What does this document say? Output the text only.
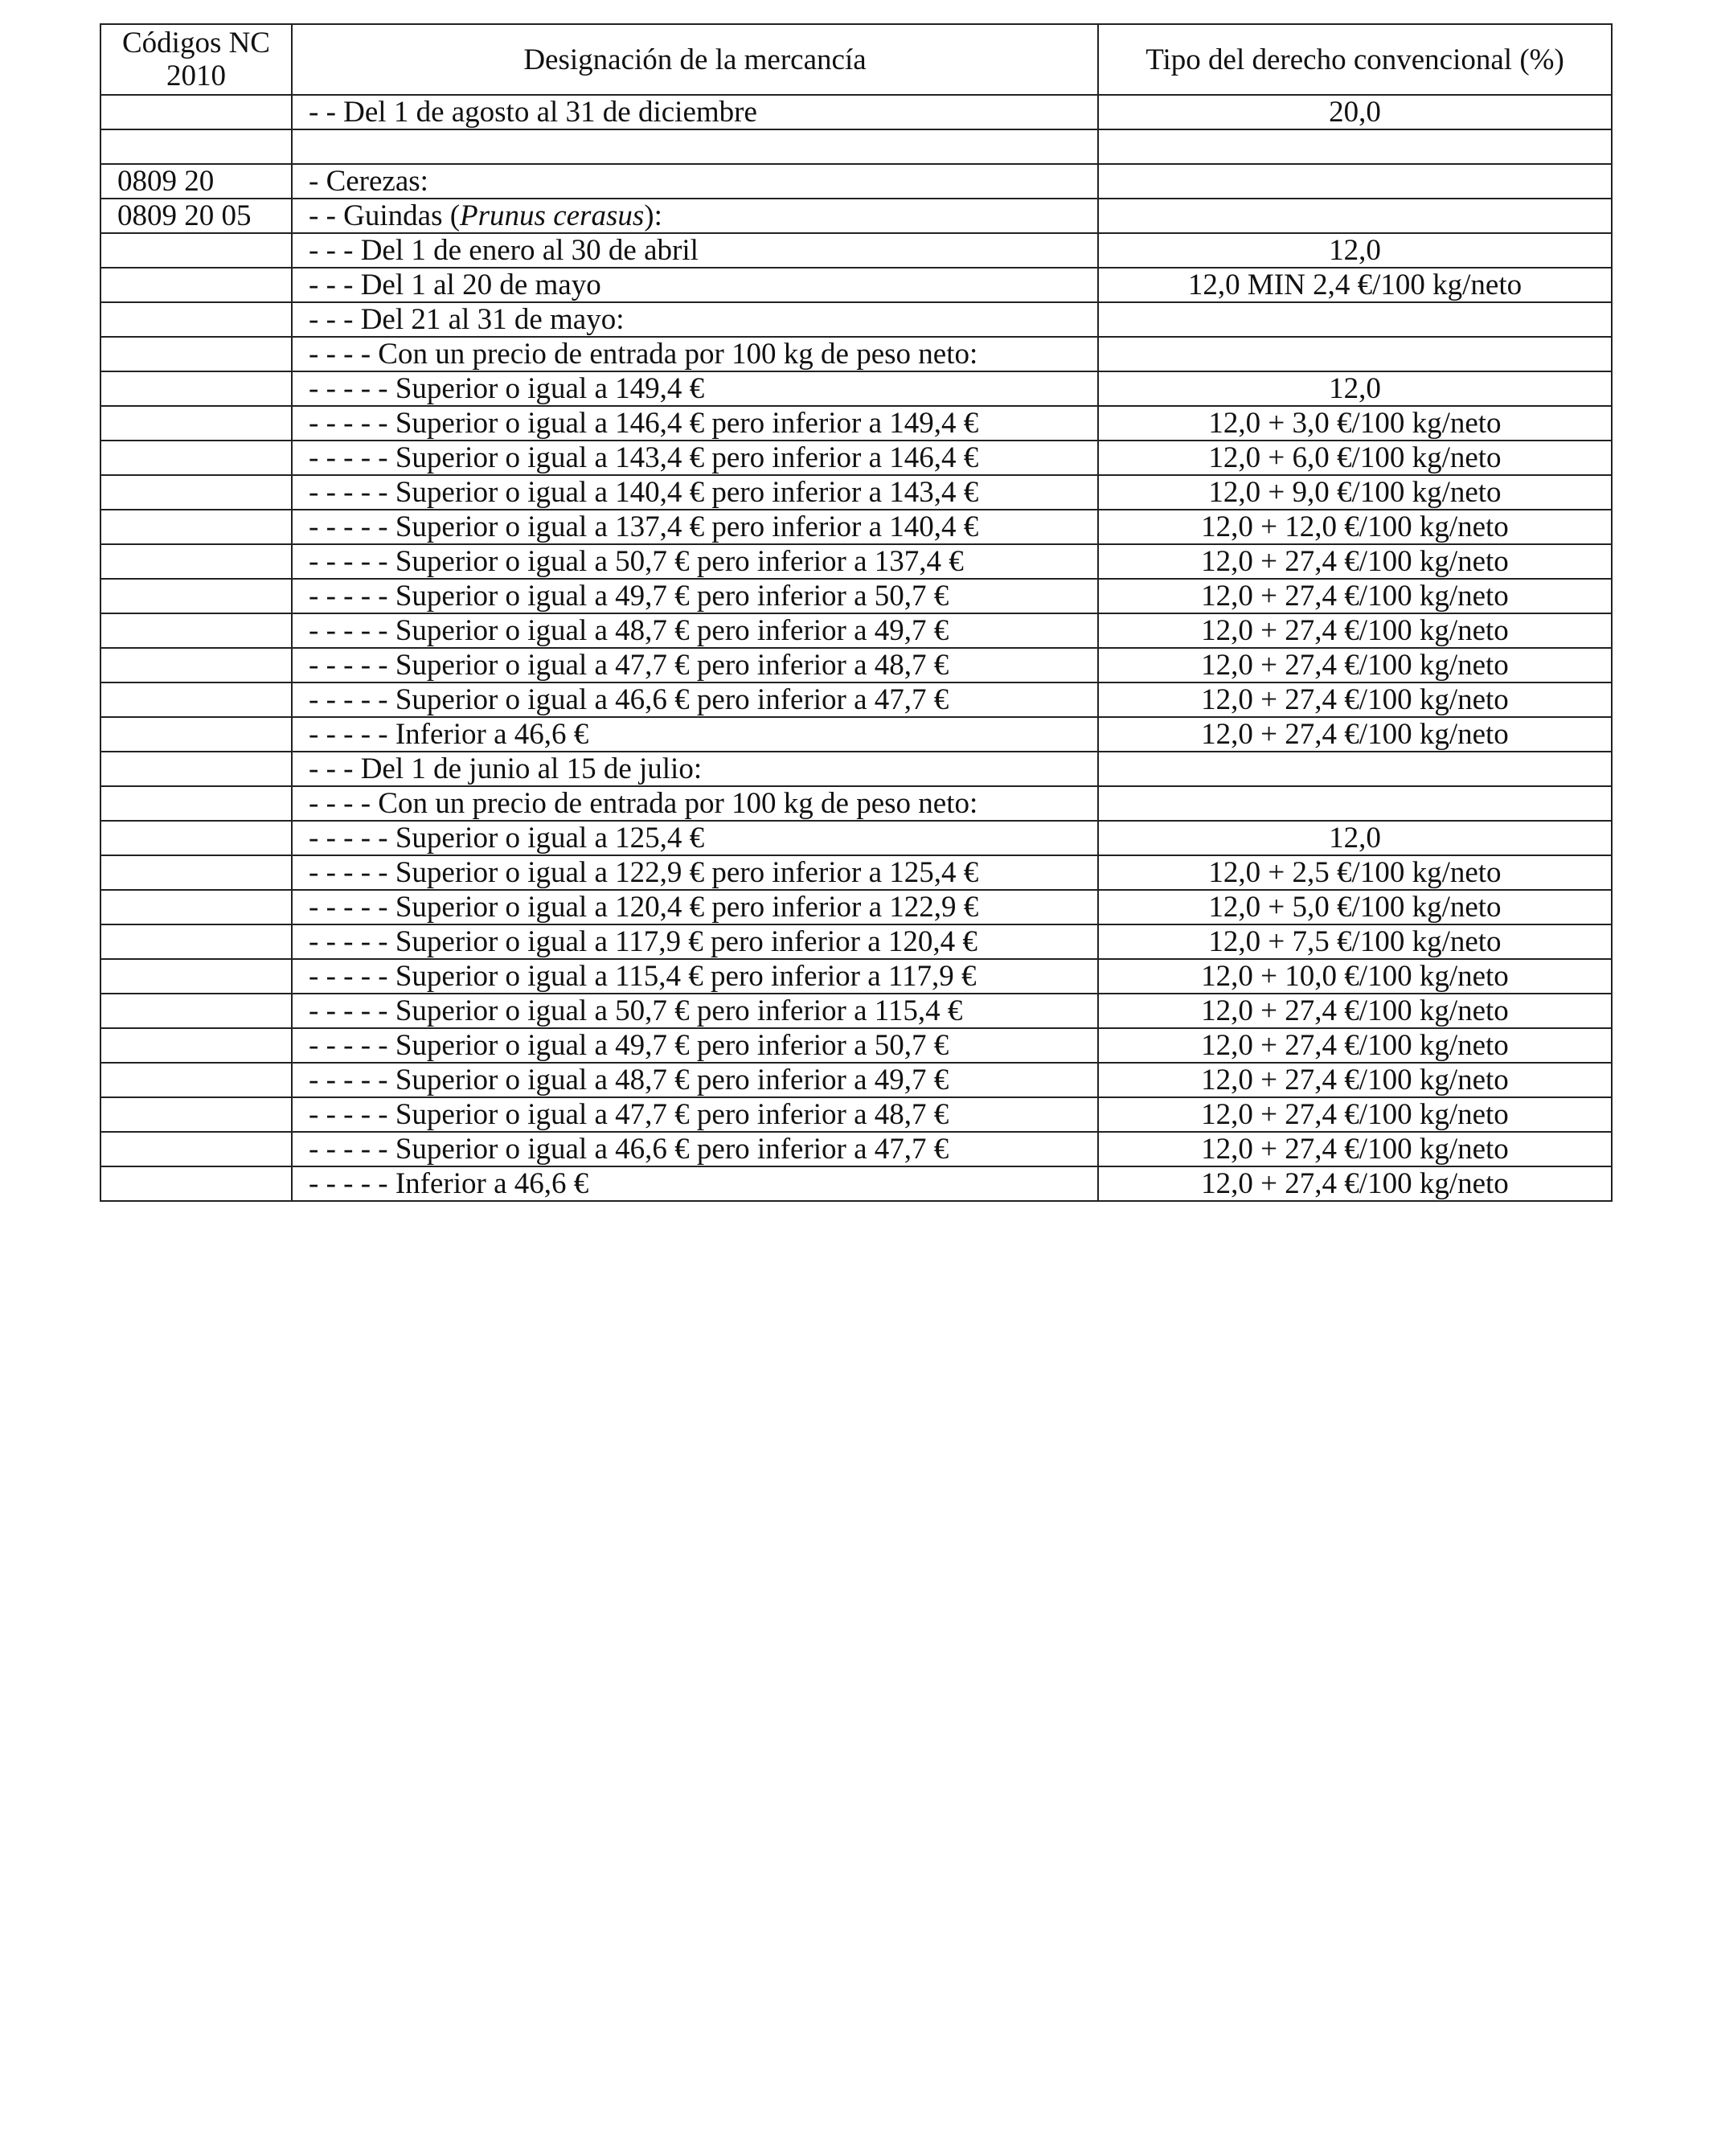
Códigos NC 2010	Designación de la mercancía	Tipo del derecho convencional (%)
	- - Del 1 de agosto al 31 de diciembre	20,0

0809 20	- Cerezas:	
0809 20 05	- - Guindas (Prunus cerasus):	
	- - - Del 1 de enero al 30 de abril	12,0
	- - - Del 1 al 20 de mayo	12,0 MIN 2,4 €/100 kg/neto
	- - - Del 21 al 31 de mayo:	
	- - - - Con un precio de entrada por 100 kg de peso neto:	
	- - - - - Superior o igual a 149,4 €	12,0
	- - - - - Superior o igual a 146,4 € pero inferior a 149,4 €	12,0 + 3,0 €/100 kg/neto
	- - - - - Superior o igual a 143,4 € pero inferior a 146,4 €	12,0 + 6,0 €/100 kg/neto
	- - - - - Superior o igual a 140,4 € pero inferior a 143,4 €	12,0 + 9,0 €/100 kg/neto
	- - - - - Superior o igual a 137,4 € pero inferior a 140,4 €	12,0 + 12,0 €/100 kg/neto
	- - - - - Superior o igual a 50,7 € pero inferior a 137,4 €	12,0 + 27,4 €/100 kg/neto
	- - - - - Superior o igual a 49,7 € pero inferior a 50,7 €	12,0 + 27,4 €/100 kg/neto
	- - - - - Superior o igual a 48,7 € pero inferior a 49,7 €	12,0 + 27,4 €/100 kg/neto
	- - - - - Superior o igual a 47,7 € pero inferior a 48,7 €	12,0 + 27,4 €/100 kg/neto
	- - - - - Superior o igual a 46,6 € pero inferior a 47,7 €	12,0 + 27,4 €/100 kg/neto
	- - - - - Inferior a 46,6 €	12,0 + 27,4 €/100 kg/neto
	- - - Del 1 de junio al 15 de julio:	
	- - - - Con un precio de entrada por 100 kg de peso neto:	
	- - - - - Superior o igual a 125,4 €	12,0
	- - - - - Superior o igual a 122,9 € pero inferior a 125,4 €	12,0 + 2,5 €/100 kg/neto
	- - - - - Superior o igual a 120,4 € pero inferior a 122,9 €	12,0 + 5,0 €/100 kg/neto
	- - - - - Superior o igual a 117,9 € pero inferior a 120,4 €	12,0 + 7,5 €/100 kg/neto
	- - - - - Superior o igual a 115,4 € pero inferior a 117,9 €	12,0 + 10,0 €/100 kg/neto
	- - - - - Superior o igual a 50,7 € pero inferior a 115,4 €	12,0 + 27,4 €/100 kg/neto
	- - - - - Superior o igual a 49,7 € pero inferior a 50,7 €	12,0 + 27,4 €/100 kg/neto
	- - - - - Superior o igual a 48,7 € pero inferior a 49,7 €	12,0 + 27,4 €/100 kg/neto
	- - - - - Superior o igual a 47,7 € pero inferior a 48,7 €	12,0 + 27,4 €/100 kg/neto
	- - - - - Superior o igual a 46,6 € pero inferior a 47,7 €	12,0 + 27,4 €/100 kg/neto
	- - - - - Inferior a 46,6 €	12,0 + 27,4 €/100 kg/neto
